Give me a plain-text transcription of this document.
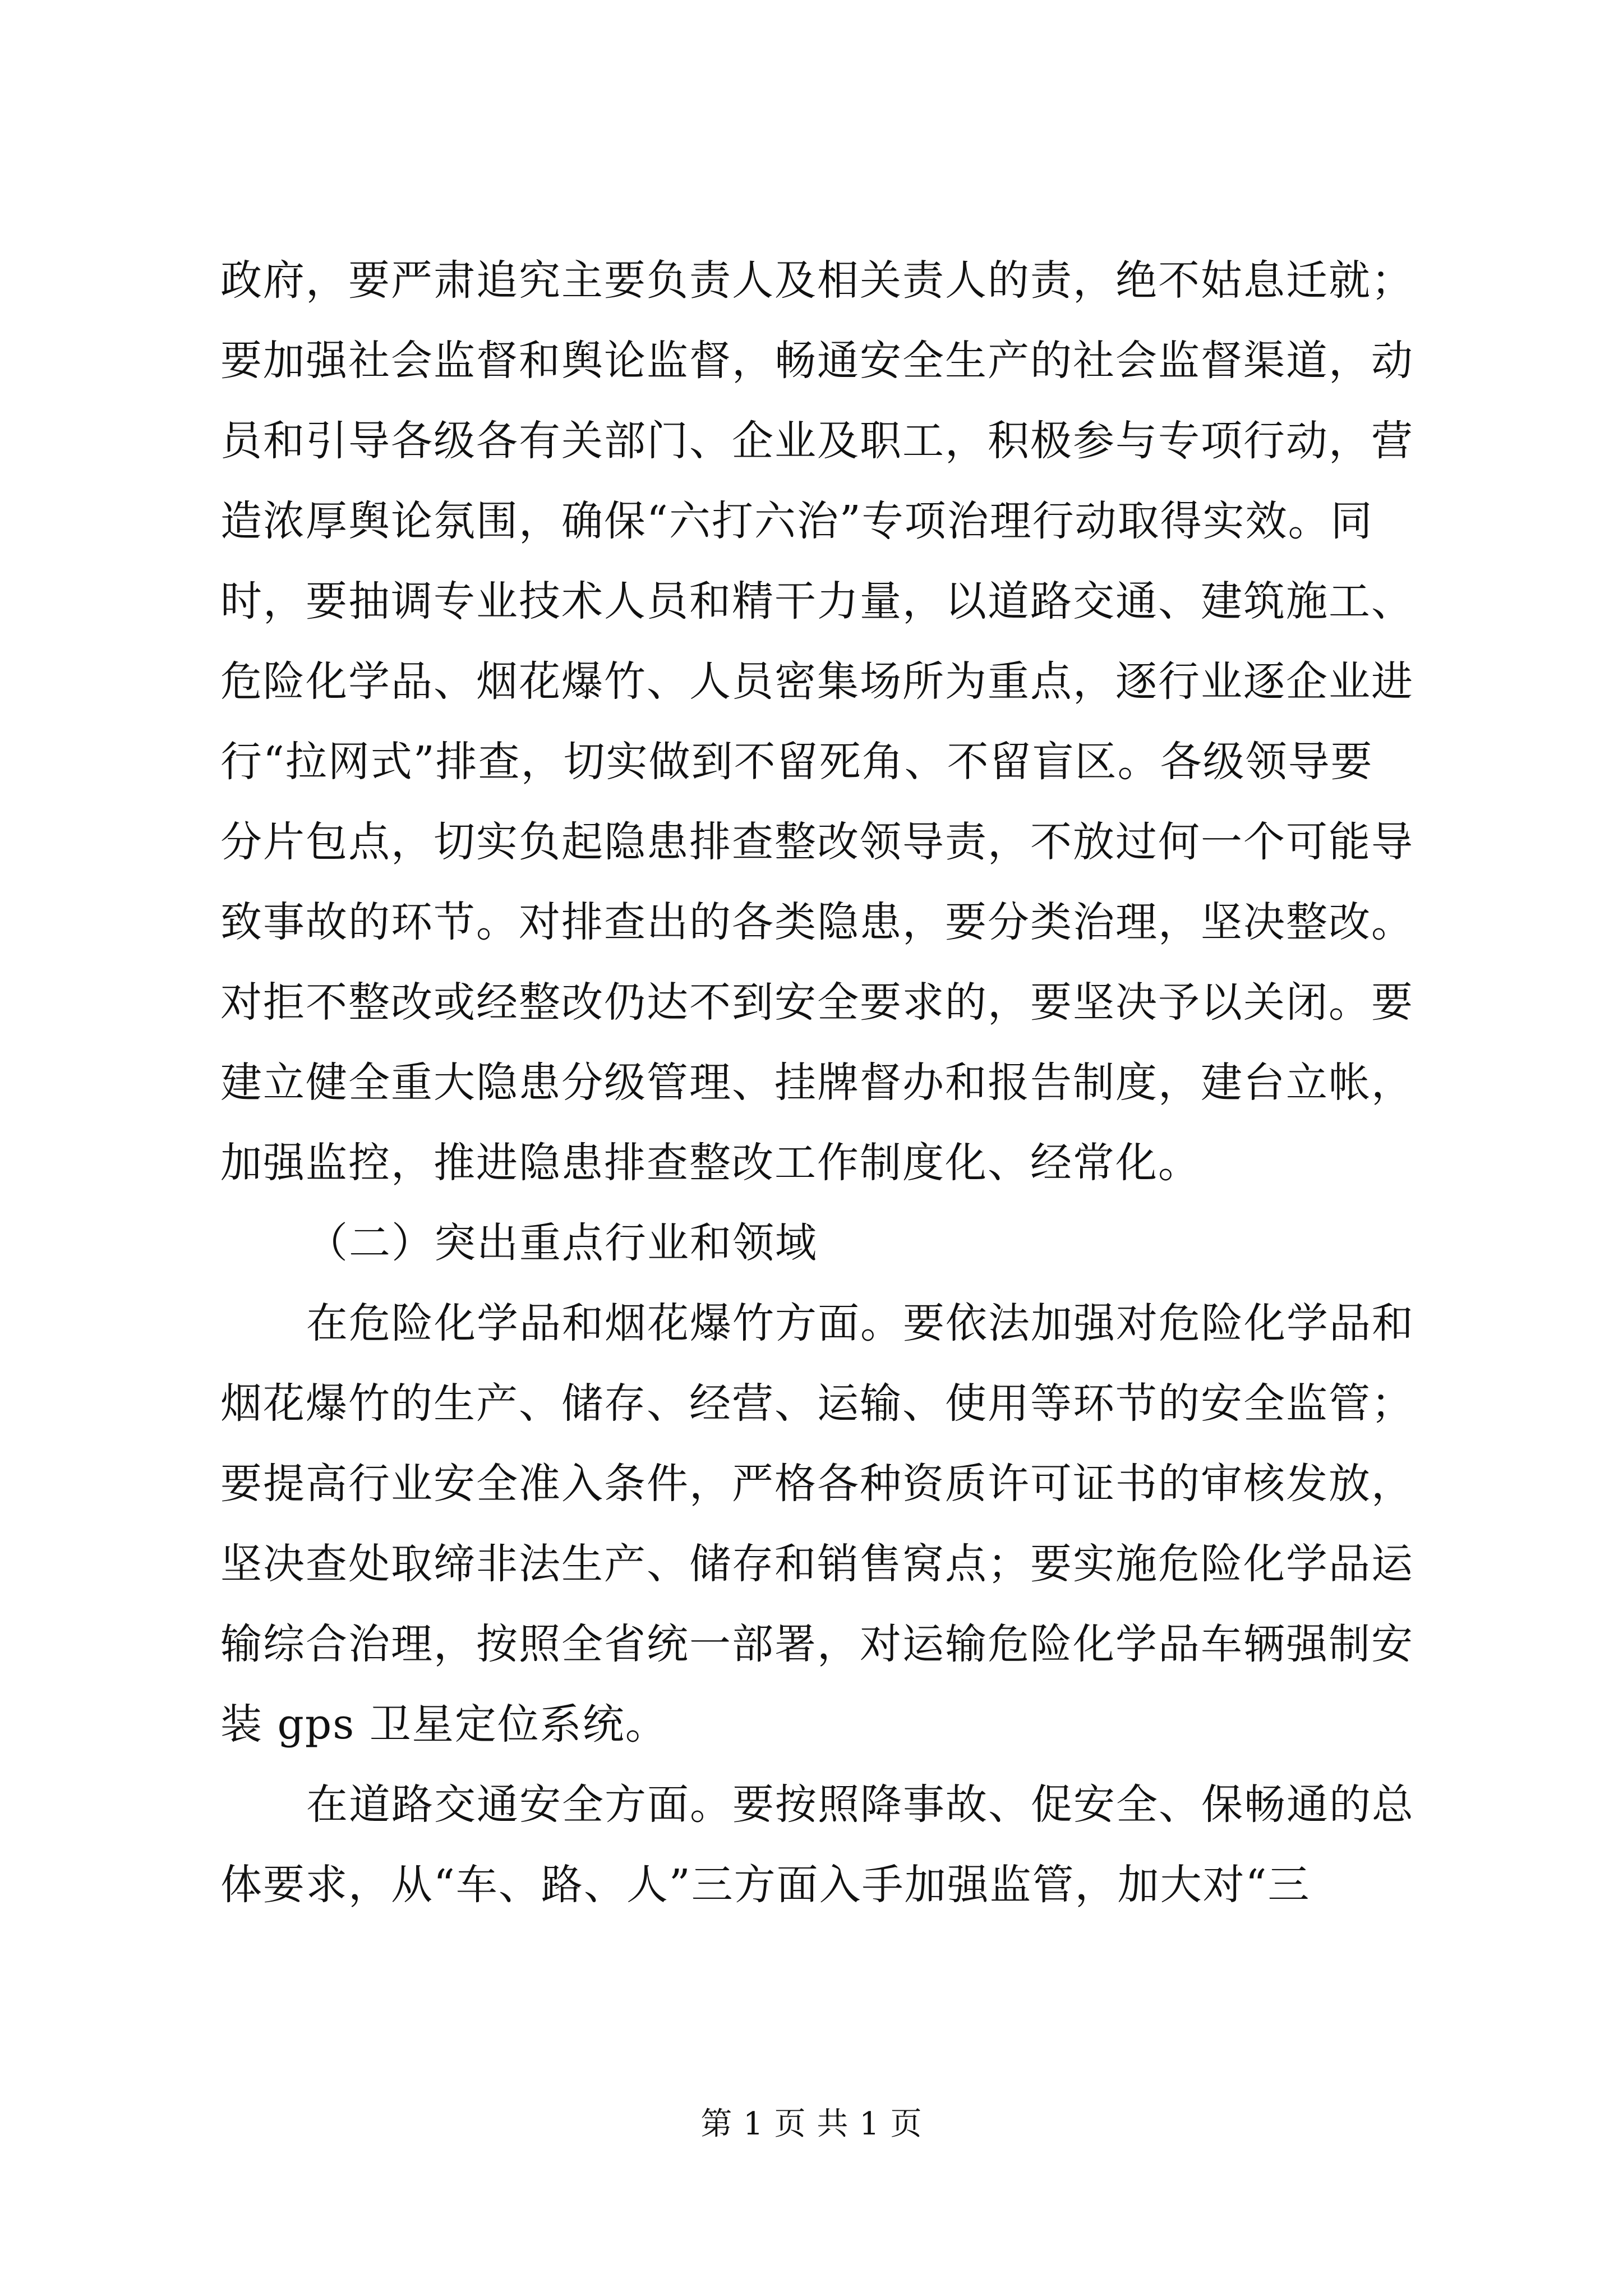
政府，要严肃追究主要负责人及相关责人的责，绝不姑息迁就；
要加强社会监督和舆论监督，畅通安全生产的社会监督渠道，动
员和引导各级各有关部门、企业及职工，积极参与专项行动，营
造浓厚舆论氛围，确保“六打六治”专项治理行动取得实效。同
时，要抽调专业技术人员和精干力量，以道路交通、建筑施工、
危险化学品、烟花爆竹、人员密集场所为重点，逐行业逐企业进
行“拉网式”排查，切实做到不留死角、不留盲区。各级领导要
分片包点，切实负起隐患排查整改领导责，不放过何一个可能导
致事故的环节。对排查出的各类隐患，要分类治理，坚决整改。
对拒不整改或经整改仍达不到安全要求的，要坚决予以关闭。要
建立健全重大隐患分级管理、挂牌督办和报告制度，建台立帐，
加强监控，推进隐患排查整改工作制度化、经常化。
（二）突出重点行业和领域
在危险化学品和烟花爆竹方面。要依法加强对危险化学品和
烟花爆竹的生产、储存、经营、运输、使用等环节的安全监管；
要提高行业安全准入条件，严格各种资质许可证书的审核发放，
坚决查处取缔非法生产、储存和销售窝点；要实施危险化学品运
输综合治理，按照全省统一部署，对运输危险化学品车辆强制安
装 gps 卫星定位系统。
在道路交通安全方面。要按照降事故、促安全、保畅通的总
体要求，从“车、路、人”三方面入手加强监管，加大对“三
第 1 页 共 1 页
